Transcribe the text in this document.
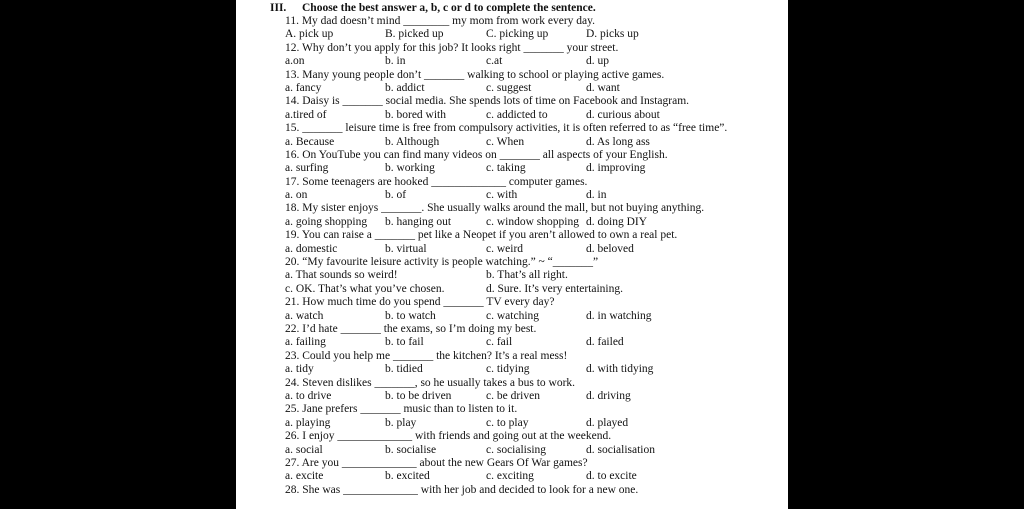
III. Choose the best answer a, b, c or d to complete the sentence.
11. My dad doesn’t mind ________ my mom from work every day.
A. pick up	B. picked up	C. picking up	D. picks up
12. Why don’t you apply for this job? It looks right _______ your street.
a.on	b. in	c.at	d. up
13. Many young people don’t _______ walking to school or playing active games.
a. fancy	b. addict	c. suggest	d. want
14. Daisy is _______ social media. She spends lots of time on Facebook and Instagram.
a.tired of	b. bored with	c. addicted to	d. curious about
15. _______ leisure time is free from compulsory activities, it is often referred to as “free time”.
a. Because	b. Although	c. When	d. As long ass
16. On YouTube you can find many videos on _______ all aspects of your English.
a. surfing	b. working	c. taking	d. improving
17. Some teenagers are hooked _____________ computer games.
a. on	b. of	c. with	d. in
18. My sister enjoys _______. She usually walks around the mall, but not buying anything.
a. going shopping b. hanging out	c. window shopping d. doing DIY
19. You can raise a _______ pet like a Neopet if you aren’t allowed to own a real pet.
a. domestic	b. virtual	c. weird	d. beloved
20. “My favourite leisure activity is people watching.” ~ “_______”
a. That sounds so weird!	b. That’s all right.
c. OK. That’s what you’ve chosen.	d. Sure. It’s very entertaining.
21. How much time do you spend _______ TV every day?
a. watch	b. to watch	c. watching	d. in watching
22. I’d hate _______ the exams, so I’m doing my best.
a. failing	b. to fail	c. fail	d. failed
23. Could you help me _______ the kitchen? It’s a real mess!
a. tidy	b. tidied	c. tidying	d. with tidying
24. Steven dislikes _______, so he usually takes a bus to work.
a. to drive	b. to be driven	c. be driven	d. driving
25. Jane prefers _______ music than to listen to it.
a. playing	b. play	c. to play	d. played
26. I enjoy _____________ with friends and going out at the weekend.
a. social	b. socialise	c. socialising	d. socialisation
27. Are you _____________ about the new Gears Of War games?
a. excite	b. excited	c. exciting	d. to excite
28. She was _____________ with her job and decided to look for a new one.
